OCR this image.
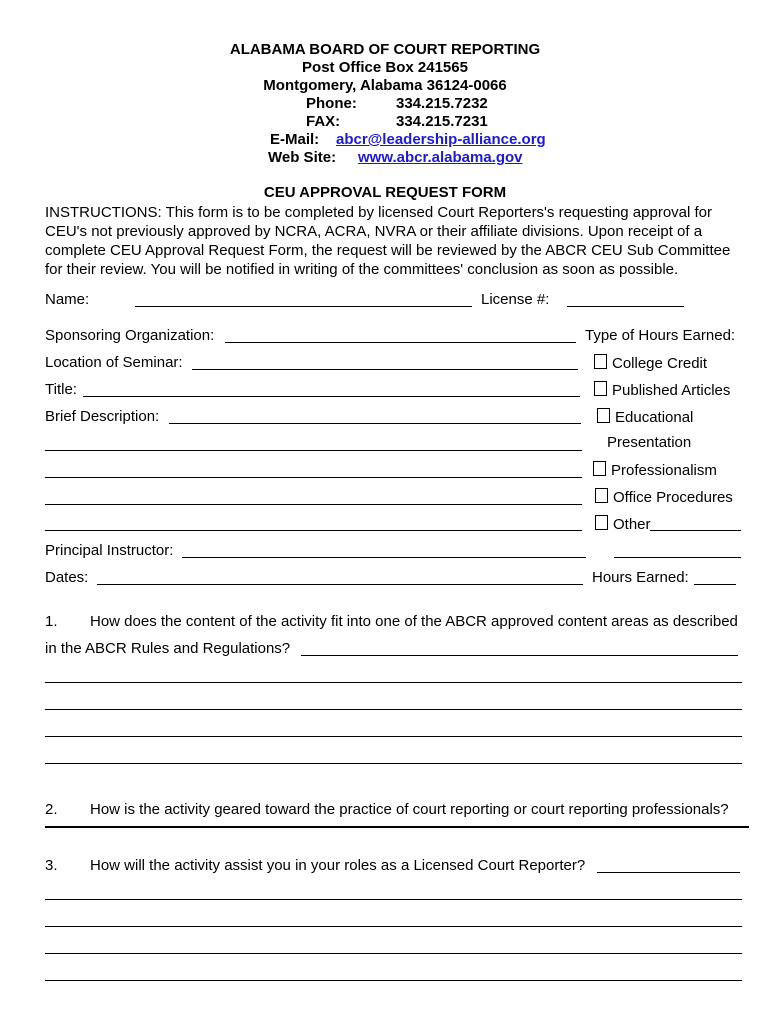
ALABAMA BOARD OF COURT REPORTING
Post Office Box 241565
Montgomery, Alabama 36124-0066
Phone:	334.215.7232
FAX:	334.215.7231
E-Mail: abcr@leadership-alliance.org
Web Site: www.abcr.alabama.gov
CEU APPROVAL REQUEST FORM
INSTRUCTIONS: This form is to be completed by licensed Court Reporters's requesting approval for
CEU's not previously approved by NCRA, ACRA, NVRA or their affiliate divisions. Upon receipt of a
complete CEU Approval Request Form, the request will be reviewed by the ABCR CEU Sub Committee
for their review. You will be notified in writing of the committees' conclusion as soon as possible.
Name:	License #:
Sponsoring Organization:
Location of Seminar:
Title:
Brief Description:
Principal Instructor:
Dates:
Type of Hours Earned:
College Credit
Published Articles
Educational
Presentation
Professionalism
Office Procedures
Other
Hours Earned:
1. How does the content of the activity fit into one of the ABCR approved content areas as described
in the ABCR Rules and Regulations?
2. How is the activity geared toward the practice of court reporting or court reporting professionals?
3. How will the activity assist you in your roles as a Licensed Court Reporter?
